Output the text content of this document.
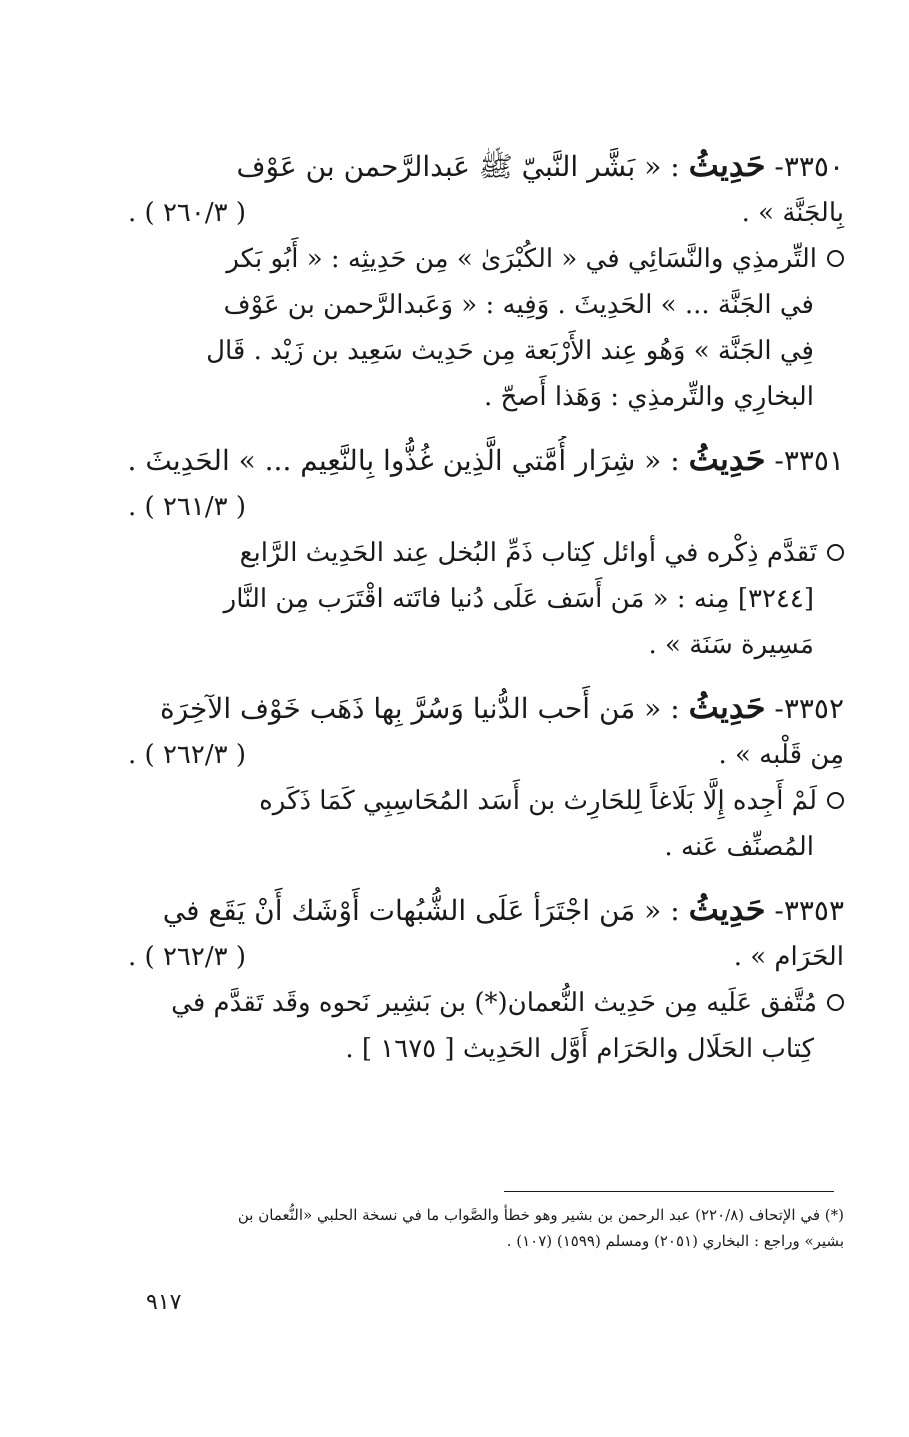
٣٣٥٠- حَدِيثُ : « بَشَّر النَّبيّ ﷺ عَبدالرَّحمن بن عَوْف
بِالجَنَّة » .
( ٢٦٠/٣ ) .
التِّرمذِي والنَّسَائِي في « الكُبْرَىٰ » مِن حَدِيثِه : « أَبُو بَكر
في الجَنَّة ... » الحَدِيثَ . وَفِيه : « وَعَبدالرَّحمن بن عَوْف
فِي الجَنَّة » وَهُو عِند الأَرْبَعة مِن حَدِيث سَعِيد بن زَيْد . قَال
البخارِي والتِّرمذِي : وَهَذا أَصحّ .
٣٣٥١- حَدِيثُ : « شِرَار أُمَّتي الَّذِين غُذُّوا بِالنَّعِيم ... » الحَدِيثَ .
( ٢٦١/٣ ) .
تَقدَّم ذِكْره في أوائل كِتاب ذَمِّ البُخل عِند الحَدِيث الرَّابع
[٣٢٤٤] مِنه : « مَن أَسَف عَلَى دُنيا فاتَته اقْتَرَب مِن النَّار
مَسِيرة سَنَة » .
٣٣٥٢- حَدِيثُ : « مَن أَحب الدُّنيا وَسُرَّ بِها ذَهَب خَوْف الآخِرَة
مِن قَلْبه » .
( ٢٦٢/٣ ) .
لَمْ أَجِده إِلَّا بَلَاغاً لِلحَارِث بن أَسَد المُحَاسِبِي كَمَا ذَكَره
المُصنِّف عَنه .
٣٣٥٣- حَدِيثُ : « مَن اجْتَرَأ عَلَى الشُّبُهات أَوْشَك أَنْ يَقَع في
الحَرَام » .
( ٢٦٢/٣ ) .
مُتَّفق عَلَيه مِن حَدِيث النُّعمان(*) بن بَشِير نَحوه وقَد تَقدَّم في
كِتاب الحَلَال والحَرَام أَوَّل الحَدِيث [ ١٦٧٥ ] .
(*) في الإتحاف (٢٢٠/٨) عبد الرحمن بن بشير وهو خطأ والصَّواب ما في نسخة الحلبي «النُّعمان بن
بشير» وراجع : البخاري (٢٠٥١) ومسلم (١٥٩٩) (١٠٧) .
٩١٧
